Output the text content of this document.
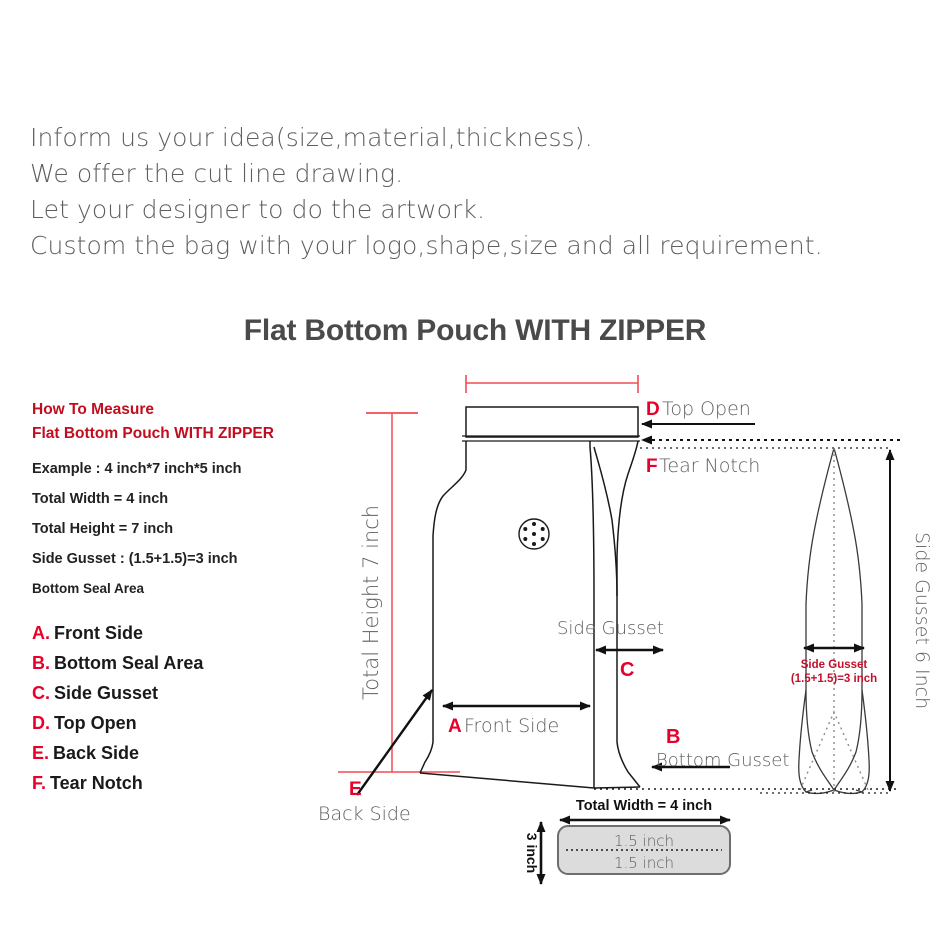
Inform us your idea(size,material,thickness).
We offer the cut line drawing.
Let your designer to do the artwork.
Custom the bag with your logo,shape,size and all requirement.
Flat Bottom Pouch WITH ZIPPER
How To Measure
Flat Bottom Pouch WITH ZIPPER
Example : 4 inch*7 inch*5 inch
Total Width = 4 inch
Total Height = 7 inch
Side Gusset : (1.5+1.5)=3 inch
Bottom Seal Area
A. Front Side
B. Bottom Seal Area
C. Side Gusset
D. Top Open
E. Back Side
F. Tear Notch
D Top Open
F Tear Notch
Total Height 7 inch
E
Back Side
A Front Side
Side Gusset
C
B
Bottom Gusset
1.5 inch
1.5 inch
Total Width = 4 inch
3 inch
Side Gusset
(1.5+1.5)=3 inch Side Gusset 6 Inch
